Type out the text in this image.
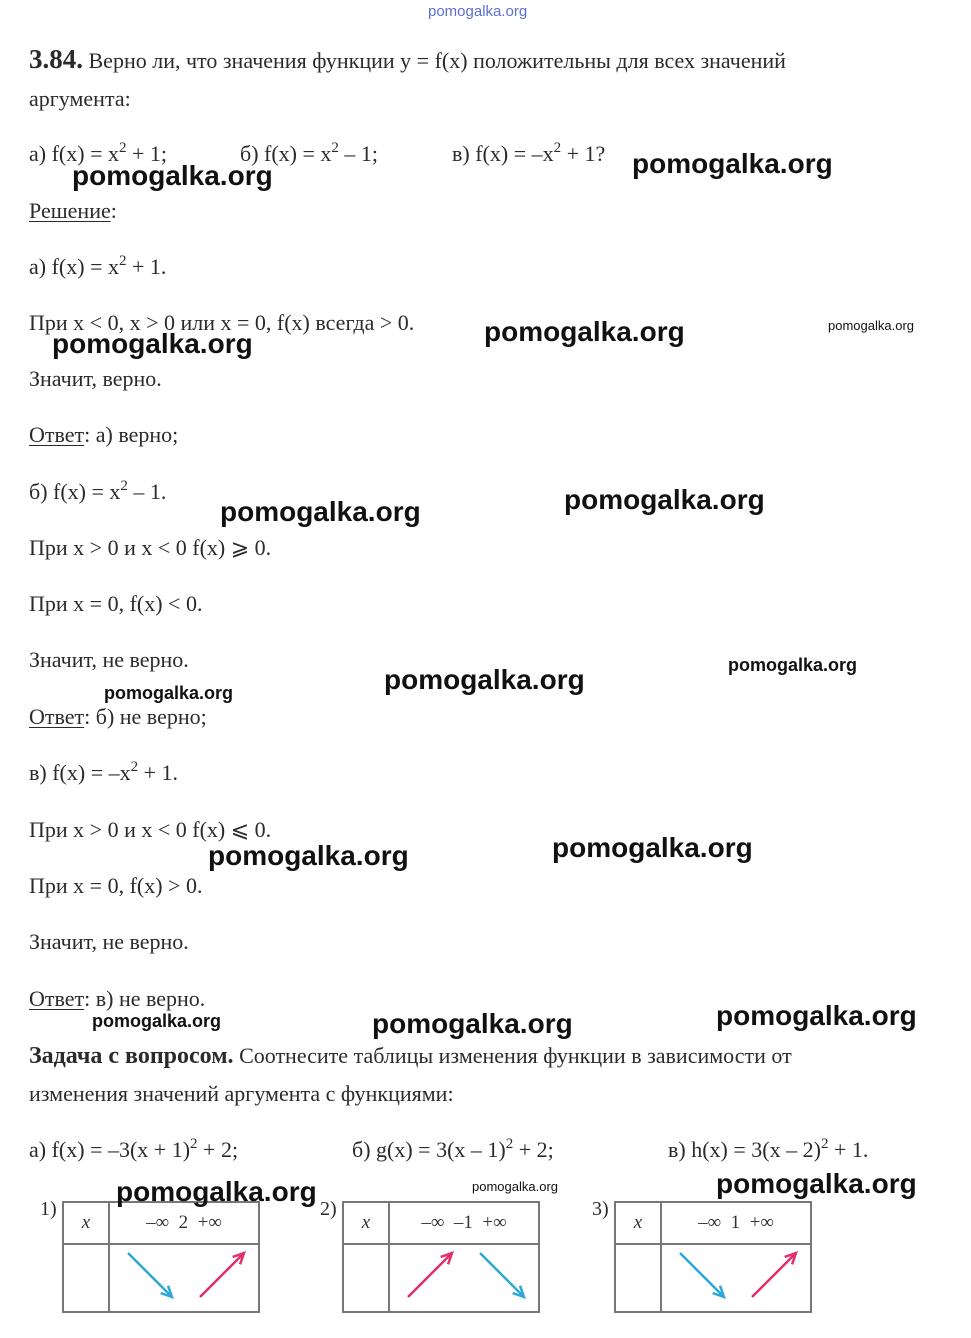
pomogalka.org
3.84. Верно ли, что значения функции y = f(x) положительны для всех значений
аргумента:
а) $f(x) = x^2 + 1$;	б) $f(x) = x^2 - 1$;	в) $f(x) = -x^2 + 1$?
Решение:
а) $f(x) = x^2 + 1$.
При x < 0, x > 0 или x = 0, f(x) всегда > 0.
Значит, верно.
Ответ: а) верно;
б) $f(x) = x^2 - 1$.
При x > 0 и x < 0 f(x) ⩾ 0.
При x = 0, f(x) < 0.
Значит, не верно.
Ответ: б) не верно;
в) $f(x) = -x^2 + 1$.
При x > 0 и x < 0 f(x) ⩽ 0.
При x = 0, f(x) > 0.
Значит, не верно.
Ответ: в) не верно.
Задача с вопросом. Соотнесите таблицы изменения функции в зависимости от
изменения значений аргумента с функциями:
а) $f(x) = -3(x + 1)^2 + 2$;	б) g(x) = 3(x – 1)$^2$ + 2;	в) h(x) = 3(x – 2)$^2$ + 1.
1)
x	–∞ 2 +∞

2)
x	–∞ –1 +∞

3)
x	–∞ 1 +∞

pomogalka.org	pomogalka.org
pomogalka.org	pomogalka.org	pomogalka.org
pomogalka.org	pomogalka.org
pomogalka.org
pomogalka.org
pomogalka.org
pomogalka.org	pomogalka.org
pomogalka.org	pomogalka.org	pomogalka.org
pomogalka.org	pomogalka.org	pomogalka.org
